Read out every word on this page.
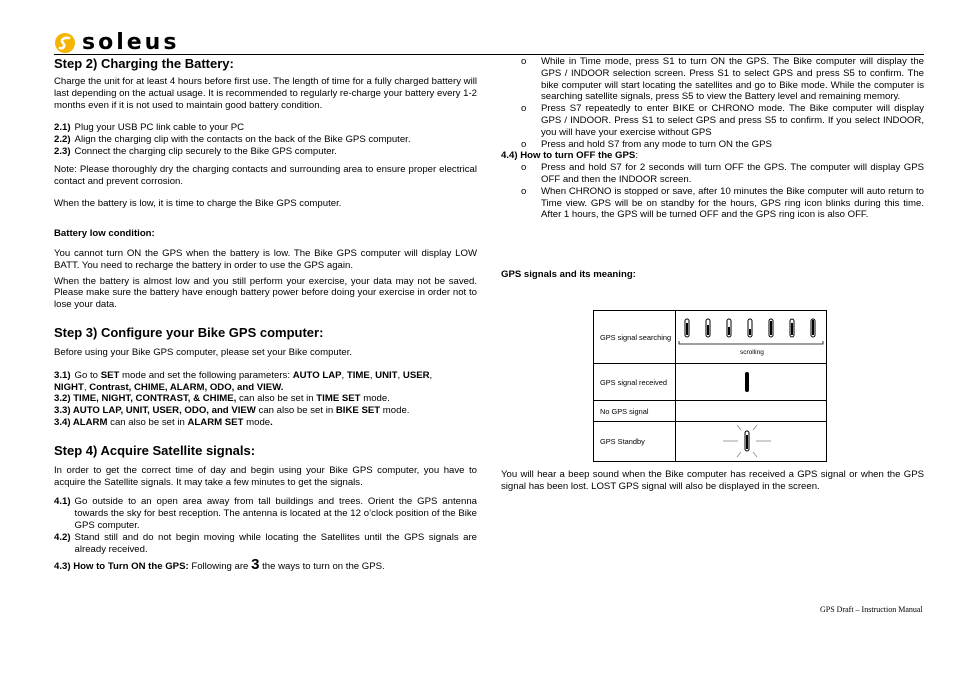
soleus
Step 2) Charging the Battery:

Charge the unit for at least 4 hours before first use. The length of time for a fully charged battery will last depending on the actual usage. It is recommended to regularly re-charge your battery every 1-2 months even if it is not used to maintain good battery condition.

2.1) Plug your USB PC link cable to your PC
2.2) Align the charging clip with the contacts on the back of the Bike GPS computer.
2.3) Connect the charging clip securely to the Bike GPS computer.

Note: Please thoroughly dry the charging contacts and surrounding area to ensure proper electrical contact and prevent corrosion.

When the battery is low, it is time to charge the Bike GPS computer.

Battery low condition:

You cannot turn ON the GPS when the battery is low. The Bike GPS computer will display LOW BATT. You need to recharge the battery in order to use the GPS again.

When the battery is almost low and you still perform your exercise, your data may not be saved. Please make sure the battery have enough battery power before doing your exercise in order not to lose your data.

Step 3) Configure your Bike GPS computer:

Before using your Bike GPS computer, please set your Bike computer.

3.1) Go to SET mode and set the following parameters: AUTO LAP, TIME, UNIT, USER,

NIGHT, Contrast, CHIME, ALARM, ODO, and VIEW.

3.2) TIME, NIGHT, CONTRAST, & CHIME, can also be set in TIME SET mode.

3.3) AUTO LAP, UNIT, USER, ODO, and VIEW can also be set in BIKE SET mode.

3.4) ALARM can also be set in ALARM SET mode.

Step 4) Acquire Satellite signals:

In order to get the correct time of day and begin using your Bike GPS computer, you have to acquire the Satellite signals. It may take a few minutes to get the signals.

4.1) Go outside to an open area away from tall buildings and trees. Orient the GPS antenna towards the sky for best reception. The antenna is located at the 12 o’clock position of the Bike GPS computer.
4.2) Stand still and do not begin moving while locating the Satellites until the GPS signals are already received.

4.3) How to Turn ON the GPS: Following are 3 the ways to turn on the GPS.

o	While in Time mode, press S1 to turn ON the GPS. The Bike computer will display the GPS / INDOOR selection screen. Press S1 to select GPS and press S5 to confirm. The bike computer will start locating the satellites and go to Bike mode. While the computer is searching satellite signals, press S5 to view the Battery level and remaining memory.
o	Press S7 repeatedly to enter BIKE or CHRONO mode. The Bike computer will display GPS / INDOOR. Press S1 to select GPS and press S5 to confirm. If you select INDOOR, you will have your exercise without GPS
o	Press and hold S7 from any mode to turn ON the GPS

4.4) How to turn OFF the GPS:

o	Press and hold S7 for 2 seconds will turn OFF the GPS. The computer will display GPS OFF and then the INDOOR screen.
o	When CHRONO is stopped or save, after 10 minutes the Bike computer will auto return to Time view. GPS will be on standby for the hours, GPS ring icon blinks during this time. After 1 hours, the GPS will be turned OFF and the GPS ring icon is also OFF.

GPS signals and its meaning:

GPS signal searching
scrolling
GPS signal received
No GPS signal
GPS Standby

You will hear a beep sound when the Bike computer has received a GPS signal or when the GPS signal has been lost. LOST GPS signal will also be displayed in the screen.

GPS Draft – Instruction Manual
